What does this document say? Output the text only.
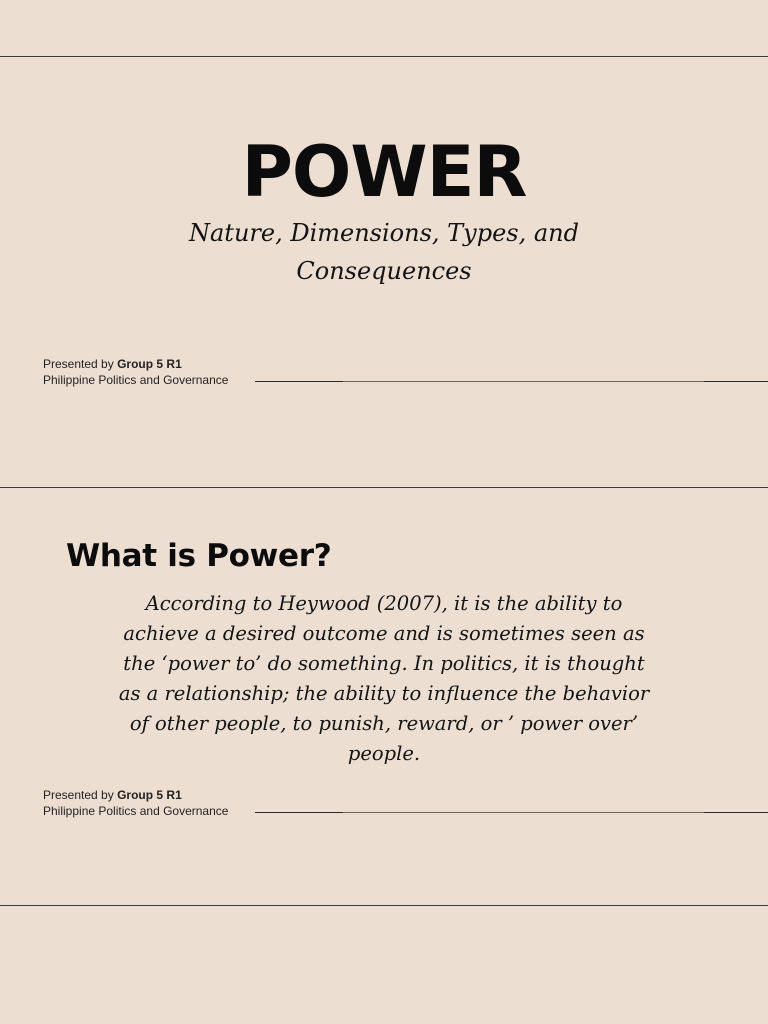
POWER
Nature, Dimensions, Types, and Consequences
Presented by Group 5 R1
Philippine Politics and Governance
What is Power?

According to Heywood (2007), it is the ability to achieve a desired outcome and is sometimes seen as the ‘power to’ do something. In politics, it is thought as a relationship; the ability to influence the behavior of other people, to punish, reward, or ’ power over’ people.

Presented by Group 5 R1
Philippine Politics and Governance
